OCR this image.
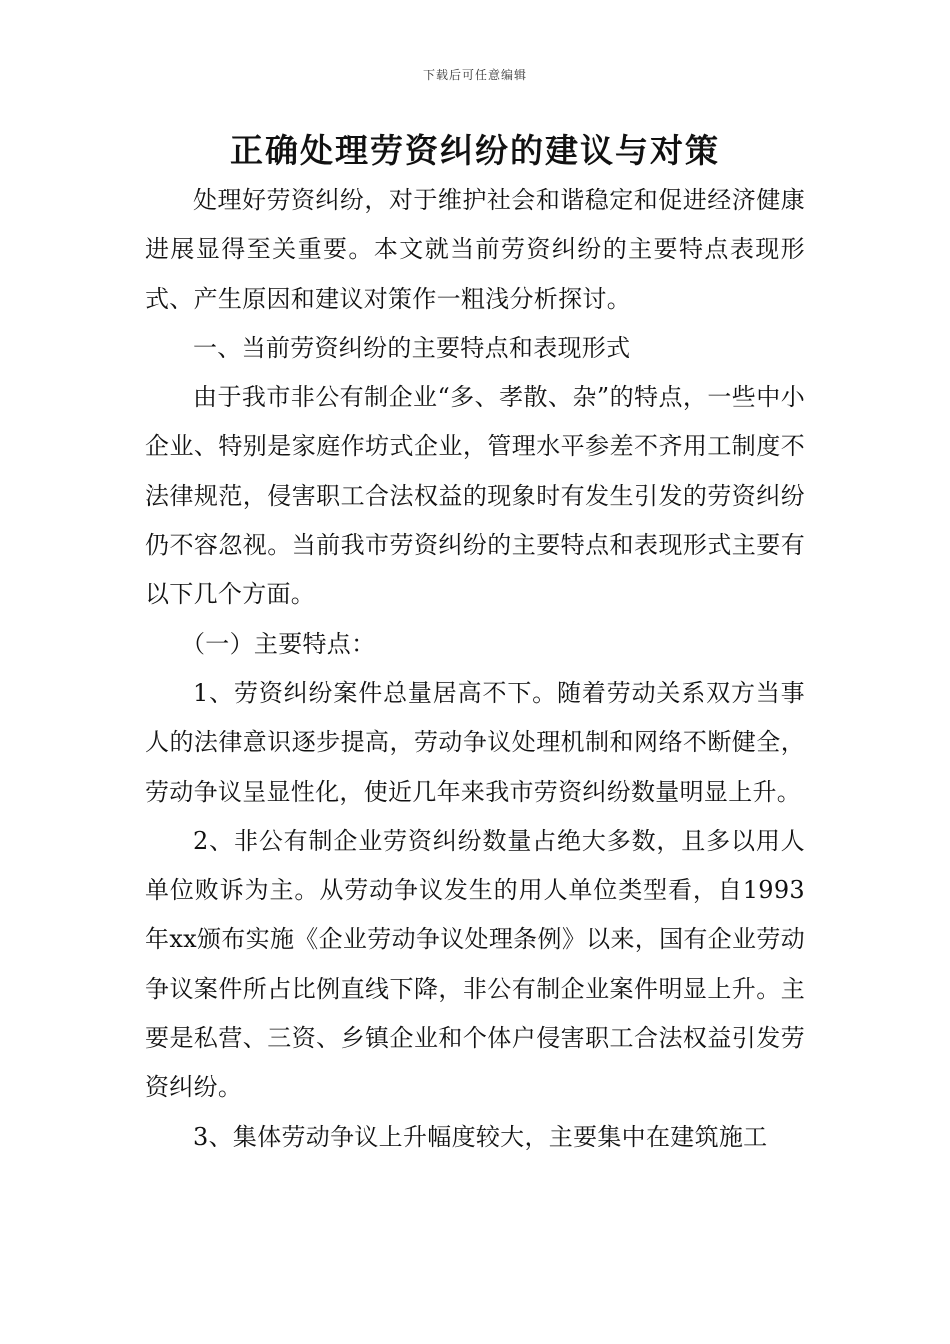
下载后可任意编辑
正确处理劳资纠纷的建议与对策

处理好劳资纠纷，对于维护社会和谐稳定和促进经济健康进展显得至关重要。本文就当前劳资纠纷的主要特点表现形式、产生原因和建议对策作一粗浅分析探讨。

一、当前劳资纠纷的主要特点和表现形式

由于我市非公有制企业“多、孝散、杂”的特点，一些中小企业、特别是家庭作坊式企业，管理水平参差不齐用工制度不法律规范，侵害职工合法权益的现象时有发生引发的劳资纠纷仍不容忽视。当前我市劳资纠纷的主要特点和表现形式主要有以下几个方面。

（一）主要特点：

1、劳资纠纷案件总量居高不下。随着劳动关系双方当事人的法律意识逐步提高，劳动争议处理机制和网络不断健全，劳动争议呈显性化，使近几年来我市劳资纠纷数量明显上升。

2、非公有制企业劳资纠纷数量占绝大多数，且多以用人单位败诉为主。从劳动争议发生的用人单位类型看，自1993年xx颁布实施《企业劳动争议处理条例》以来，国有企业劳动争议案件所占比例直线下降，非公有制企业案件明显上升。主要是私营、三资、乡镇企业和个体户侵害职工合法权益引发劳资纠纷。

3、集体劳动争议上升幅度较大，主要集中在建筑施工
